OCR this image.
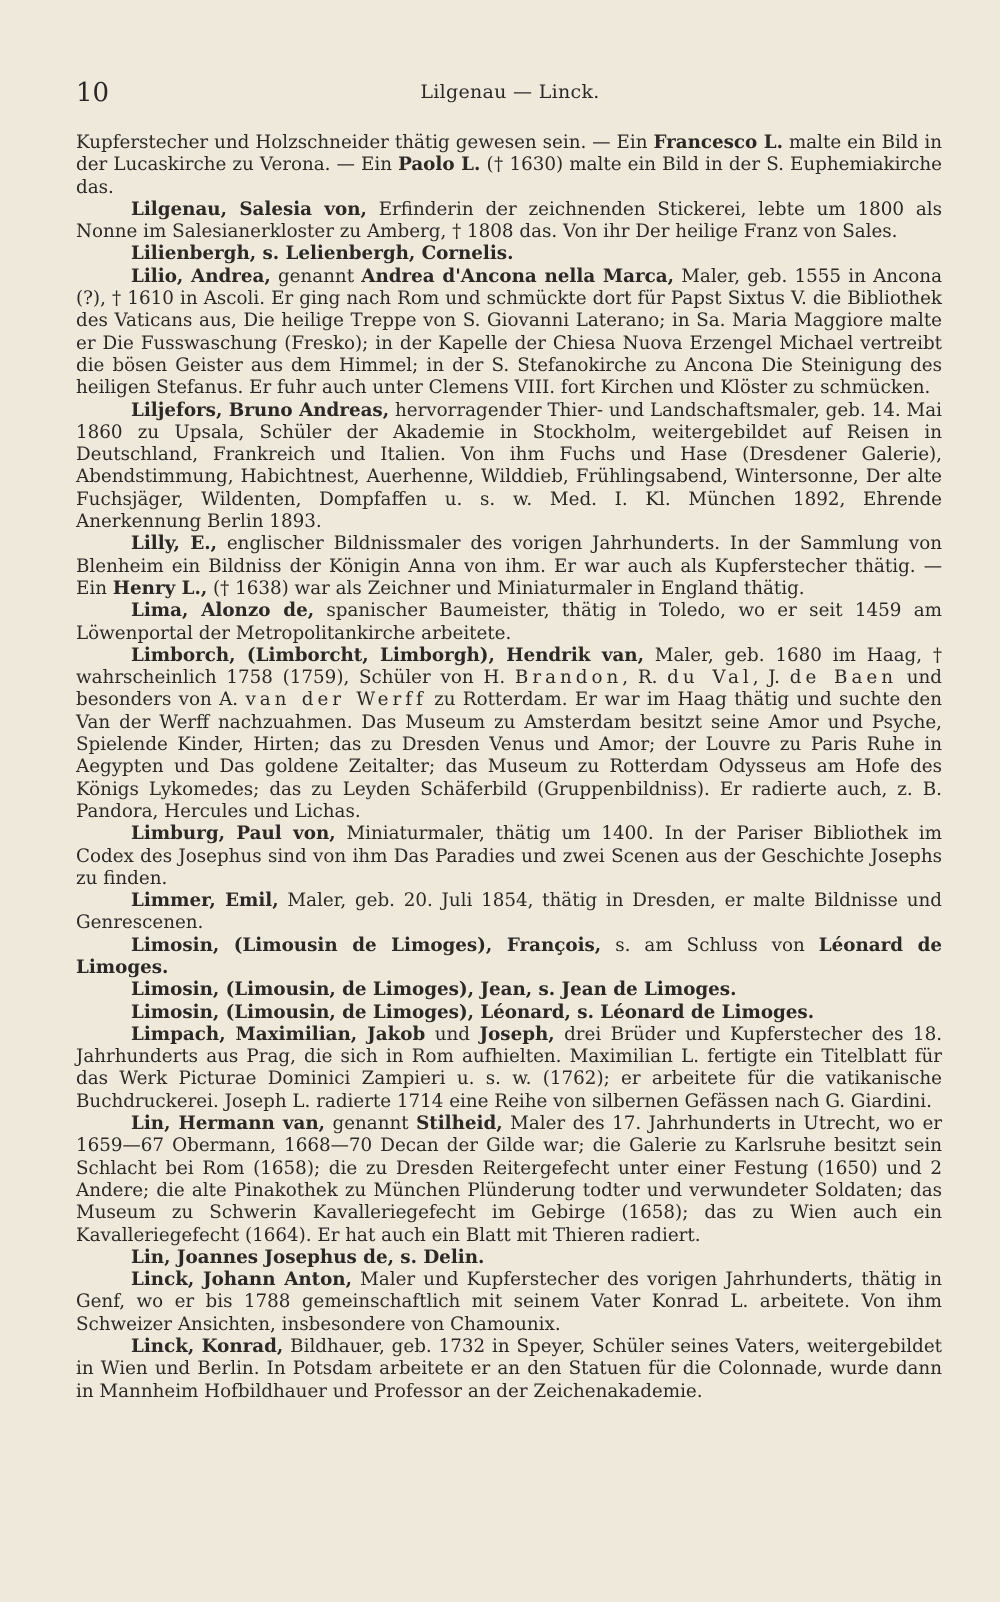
10	Lilgenau — Linck.

Kupferstecher und Holzschneider thätig gewesen sein. — Ein Francesco L. malte ein Bild in der Lucaskirche zu Verona. — Ein Paolo L. († 1630) malte ein Bild in der S. Euphemiakirche das.

Lilgenau, Salesia von, Erfinderin der zeichnenden Stickerei, lebte um 1800 als Nonne im Salesianerkloster zu Amberg, † 1808 das. Von ihr Der heilige Franz von Sales.

Lilienbergh, s. Lelienbergh, Cornelis.

Lilio, Andrea, genannt Andrea d'Ancona nella Marca, Maler, geb. 1555 in Ancona (?), † 1610 in Ascoli. Er ging nach Rom und schmückte dort für Papst Sixtus V. die Bibliothek des Vaticans aus, Die heilige Treppe von S. Giovanni Laterano; in Sa. Maria Maggiore malte er Die Fusswaschung (Fresko); in der Kapelle der Chiesa Nuova Erzengel Michael vertreibt die bösen Geister aus dem Himmel; in der S. Stefanokirche zu Ancona Die Steinigung des heiligen Stefanus. Er fuhr auch unter Clemens VIII. fort Kirchen und Klöster zu schmücken.

Liljefors, Bruno Andreas, hervorragender Thier- und Landschaftsmaler, geb. 14. Mai 1860 zu Upsala, Schüler der Akademie in Stockholm, weitergebildet auf Reisen in Deutschland, Frankreich und Italien. Von ihm Fuchs und Hase (Dresdener Galerie), Abendstimmung, Habichtnest, Auerhenne, Wilddieb, Frühlingsabend, Wintersonne, Der alte Fuchsjäger, Wildenten, Dompfaffen u. s. w. Med. I. Kl. München 1892, Ehrende Anerkennung Berlin 1893.

Lilly, E., englischer Bildnissmaler des vorigen Jahrhunderts. In der Sammlung von Blenheim ein Bildniss der Königin Anna von ihm. Er war auch als Kupferstecher thätig. — Ein Henry L., († 1638) war als Zeichner und Miniaturmaler in England thätig.

Lima, Alonzo de, spanischer Baumeister, thätig in Toledo, wo er seit 1459 am Löwenportal der Metropolitankirche arbeitete.

Limborch, (Limborcht, Limborgh), Hendrik van, Maler, geb. 1680 im Haag, † wahrscheinlich 1758 (1759), Schüler von H. Brandon, R. du Val, J. de Baen und besonders von A. van der Werff zu Rotterdam. Er war im Haag thätig und suchte den Van der Werff nachzuahmen. Das Museum zu Amsterdam besitzt seine Amor und Psyche, Spielende Kinder, Hirten; das zu Dresden Venus und Amor; der Louvre zu Paris Ruhe in Aegypten und Das goldene Zeitalter; das Museum zu Rotterdam Odysseus am Hofe des Königs Lykomedes; das zu Leyden Schäferbild (Gruppenbildniss). Er radierte auch, z. B. Pandora, Hercules und Lichas.

Limburg, Paul von, Miniaturmaler, thätig um 1400. In der Pariser Bibliothek im Codex des Josephus sind von ihm Das Paradies und zwei Scenen aus der Geschichte Josephs zu finden.

Limmer, Emil, Maler, geb. 20. Juli 1854, thätig in Dresden, er malte Bildnisse und Genrescenen.

Limosin, (Limousin de Limoges), François, s. am Schluss von Léonard de Limoges.

Limosin, (Limousin, de Limoges), Jean, s. Jean de Limoges.

Limosin, (Limousin, de Limoges), Léonard, s. Léonard de Limoges.

Limpach, Maximilian, Jakob und Joseph, drei Brüder und Kupferstecher des 18. Jahrhunderts aus Prag, die sich in Rom aufhielten. Maximilian L. fertigte ein Titelblatt für das Werk Picturae Dominici Zampieri u. s. w. (1762); er arbeitete für die vatikanische Buchdruckerei. Joseph L. radierte 1714 eine Reihe von silbernen Gefässen nach G. Giardini.

Lin, Hermann van, genannt Stilheid, Maler des 17. Jahrhunderts in Utrecht, wo er 1659—67 Obermann, 1668—70 Decan der Gilde war; die Galerie zu Karlsruhe besitzt sein Schlacht bei Rom (1658); die zu Dresden Reitergefecht unter einer Festung (1650) und 2 Andere; die alte Pinakothek zu München Plünderung todter und verwundeter Soldaten; das Museum zu Schwerin Kavalleriegefecht im Gebirge (1658); das zu Wien auch ein Kavalleriegefecht (1664). Er hat auch ein Blatt mit Thieren radiert.

Lin, Joannes Josephus de, s. Delin.

Linck, Johann Anton, Maler und Kupferstecher des vorigen Jahrhunderts, thätig in Genf, wo er bis 1788 gemeinschaftlich mit seinem Vater Konrad L. arbeitete. Von ihm Schweizer Ansichten, insbesondere von Chamounix.

Linck, Konrad, Bildhauer, geb. 1732 in Speyer, Schüler seines Vaters, weitergebildet in Wien und Berlin. In Potsdam arbeitete er an den Statuen für die Colonnade, wurde dann in Mannheim Hofbildhauer und Professor an der Zeichenakademie.
